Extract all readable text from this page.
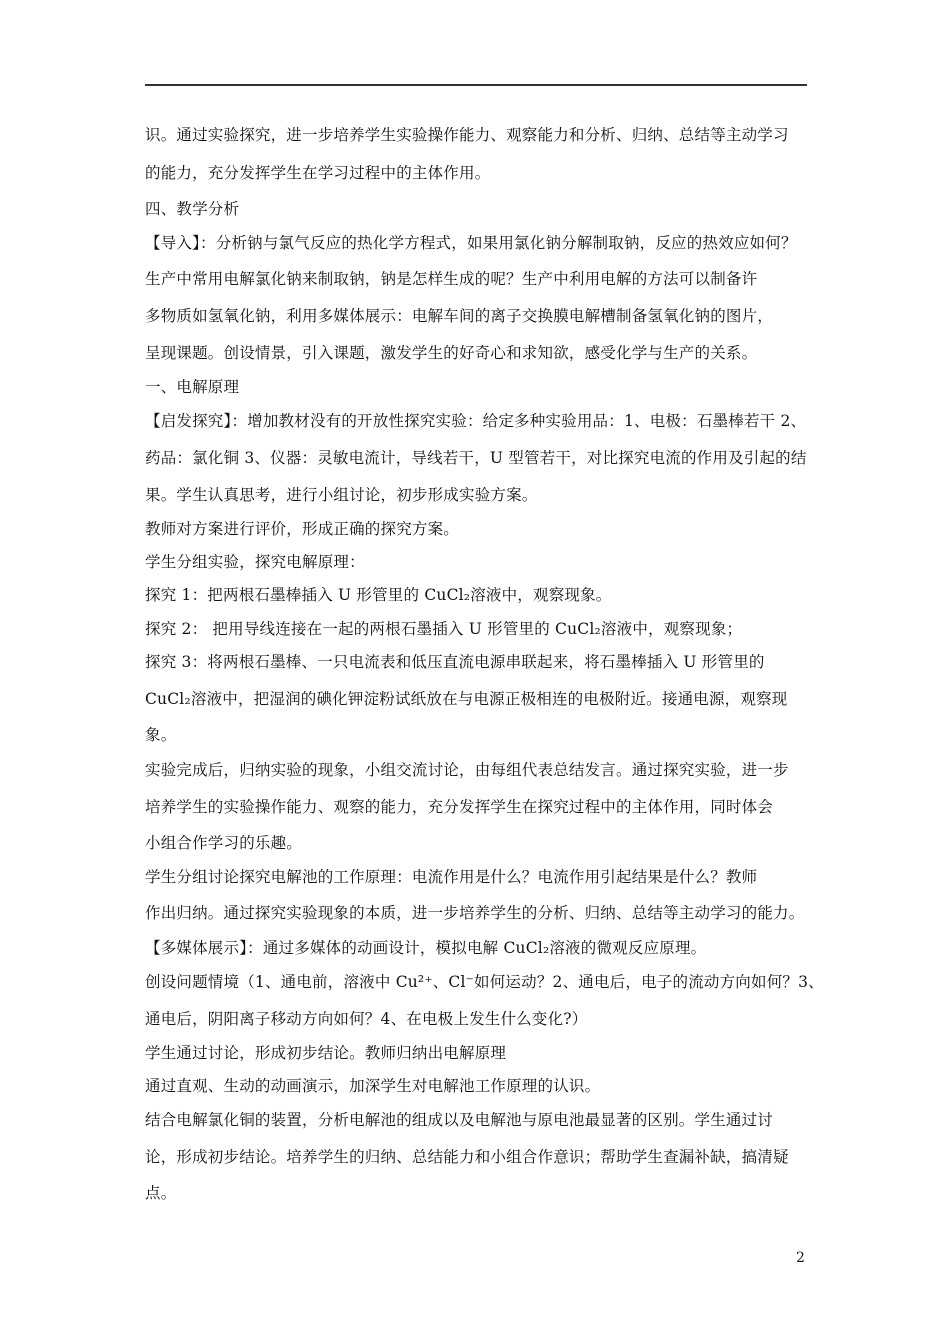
识。通过实验探究，进一步培养学生实验操作能力、观察能力和分析、归纳、总结等主动学习
的能力，充分发挥学生在学习过程中的主体作用。
四、教学分析
【导入】：分析钠与氯气反应的热化学方程式，如果用氯化钠分解制取钠，反应的热效应如何？
生产中常用电解氯化钠来制取钠，钠是怎样生成的呢？生产中利用电解的方法可以制备许
多物质如氢氧化钠，利用多媒体展示：电解车间的离子交换膜电解槽制备氢氧化钠的图片，
呈现课题。创设情景，引入课题，激发学生的好奇心和求知欲，感受化学与生产的关系。
一、电解原理
【启发探究】：增加教材没有的开放性探究实验：给定多种实验用品：1、电极：石墨棒若干 2、
药品：氯化铜 3、仪器：灵敏电流计，导线若干，U 型管若干，对比探究电流的作用及引起的结
果。学生认真思考，进行小组讨论，初步形成实验方案。
教师对方案进行评价，形成正确的探究方案。
学生分组实验，探究电解原理：
探究 1：把两根石墨棒插入 U 形管里的 CuCl₂溶液中，观察现象。
探究 2： 把用导线连接在一起的两根石墨插入 U 形管里的 CuCl₂溶液中，观察现象；
探究 3：将两根石墨棒、一只电流表和低压直流电源串联起来，将石墨棒插入 U 形管里的
CuCl₂溶液中，把湿润的碘化钾淀粉试纸放在与电源正极相连的电极附近。接通电源，观察现
象。
实验完成后，归纳实验的现象，小组交流讨论，由每组代表总结发言。通过探究实验，进一步
培养学生的实验操作能力、观察的能力，充分发挥学生在探究过程中的主体作用，同时体会
小组合作学习的乐趣。
学生分组讨论探究电解池的工作原理：电流作用是什么？电流作用引起结果是什么？教师
作出归纳。通过探究实验现象的本质，进一步培养学生的分析、归纳、总结等主动学习的能力。
【多媒体展示】：通过多媒体的动画设计，模拟电解 CuCl₂溶液的微观反应原理。
创设问题情境（1、通电前，溶液中 Cu²⁺、Cl⁻如何运动？2、通电后，电子的流动方向如何？3、
通电后，阴阳离子移动方向如何？4、在电极上发生什么变化?）
学生通过讨论，形成初步结论。教师归纳出电解原理
通过直观、生动的动画演示，加深学生对电解池工作原理的认识。
结合电解氯化铜的装置，分析电解池的组成以及电解池与原电池最显著的区别。学生通过讨
论，形成初步结论。培养学生的归纳、总结能力和小组合作意识；帮助学生查漏补缺，搞清疑
点。
2
